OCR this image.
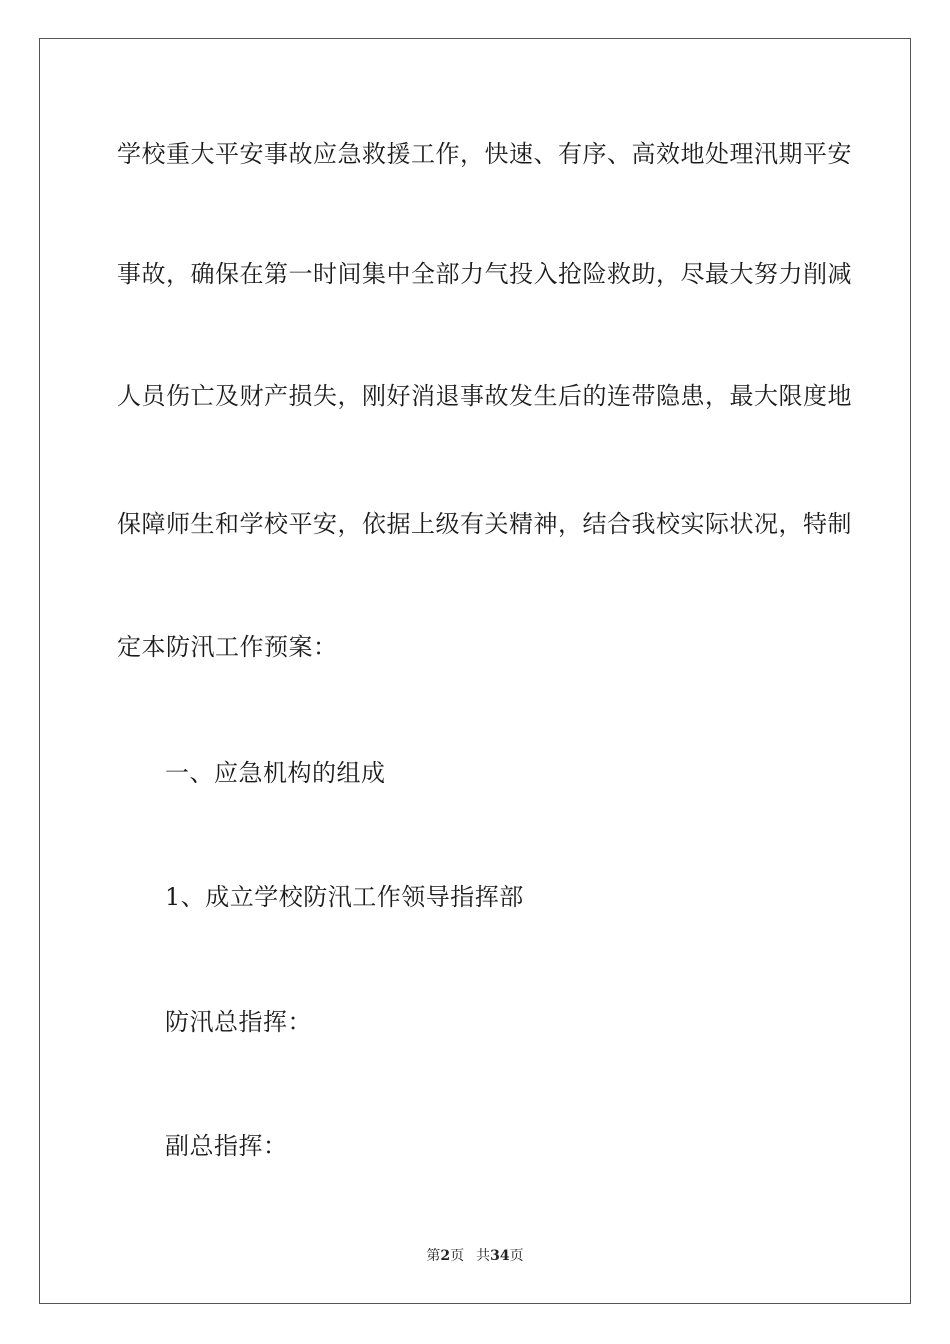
学校重大平安事故应急救援工作，快速、有序、高效地处理汛期平安
事故，确保在第一时间集中全部力气投入抢险救助，尽最大努力削减
人员伤亡及财产损失，刚好消退事故发生后的连带隐患，最大限度地
保障师生和学校平安，依据上级有关精神，结合我校实际状况，特制
定本防汛工作预案：
一、应急机构的组成
1、成立学校防汛工作领导指挥部
防汛总指挥：
副总指挥：
第2页 共34页
